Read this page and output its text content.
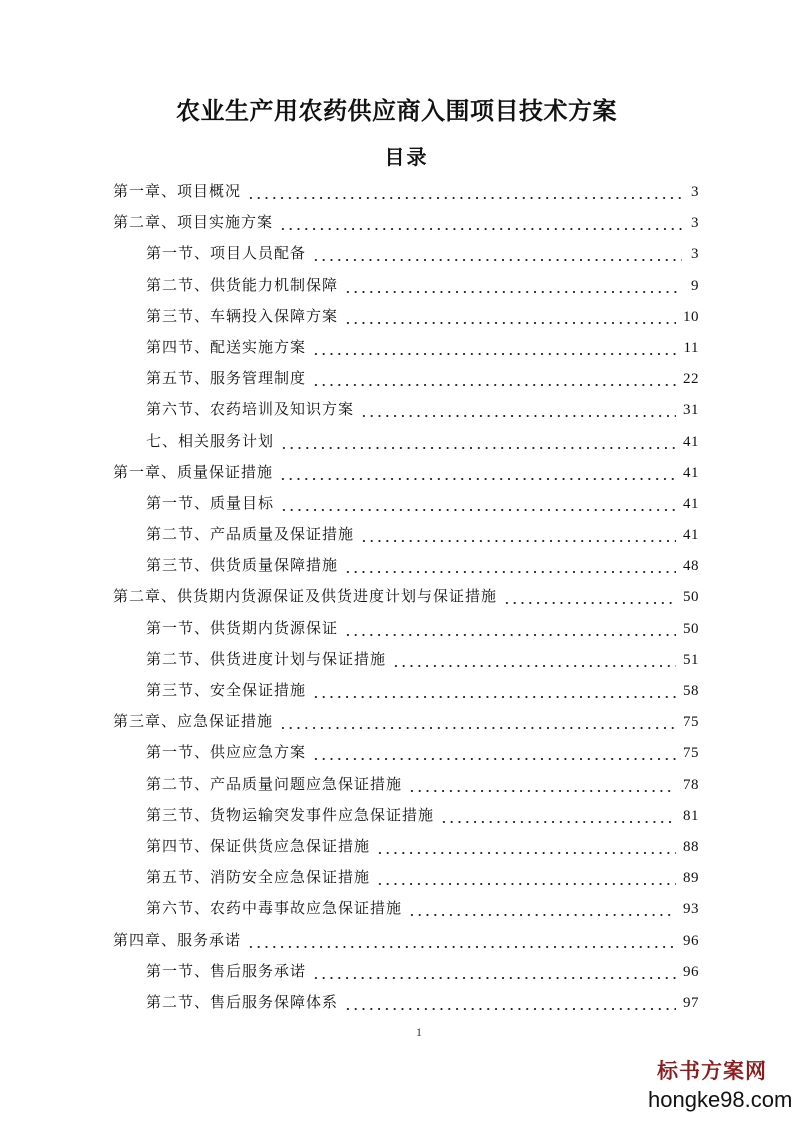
农业生产用农药供应商入围项目技术方案
目录
第一章、项目概况	3
第二章、项目实施方案	3
第一节、项目人员配备	3
第二节、供货能力机制保障	9
第三节、车辆投入保障方案	10
第四节、配送实施方案	11
第五节、服务管理制度	22
第六节、农药培训及知识方案	31
七、相关服务计划	41
第一章、质量保证措施	41
第一节、质量目标	41
第二节、产品质量及保证措施	41
第三节、供货质量保障措施	48
第二章、供货期内货源保证及供货进度计划与保证措施	50
第一节、供货期内货源保证	50
第二节、供货进度计划与保证措施	51
第三节、安全保证措施	58
第三章、应急保证措施	75
第一节、供应应急方案	75
第二节、产品质量问题应急保证措施	78
第三节、货物运输突发事件应急保证措施	81
第四节、保证供货应急保证措施	88
第五节、消防安全应急保证措施	89
第六节、农药中毒事故应急保证措施	93
第四章、服务承诺	96
第一节、售后服务承诺	96
第二节、售后服务保障体系	97
1
标书方案网
hongke98.com
